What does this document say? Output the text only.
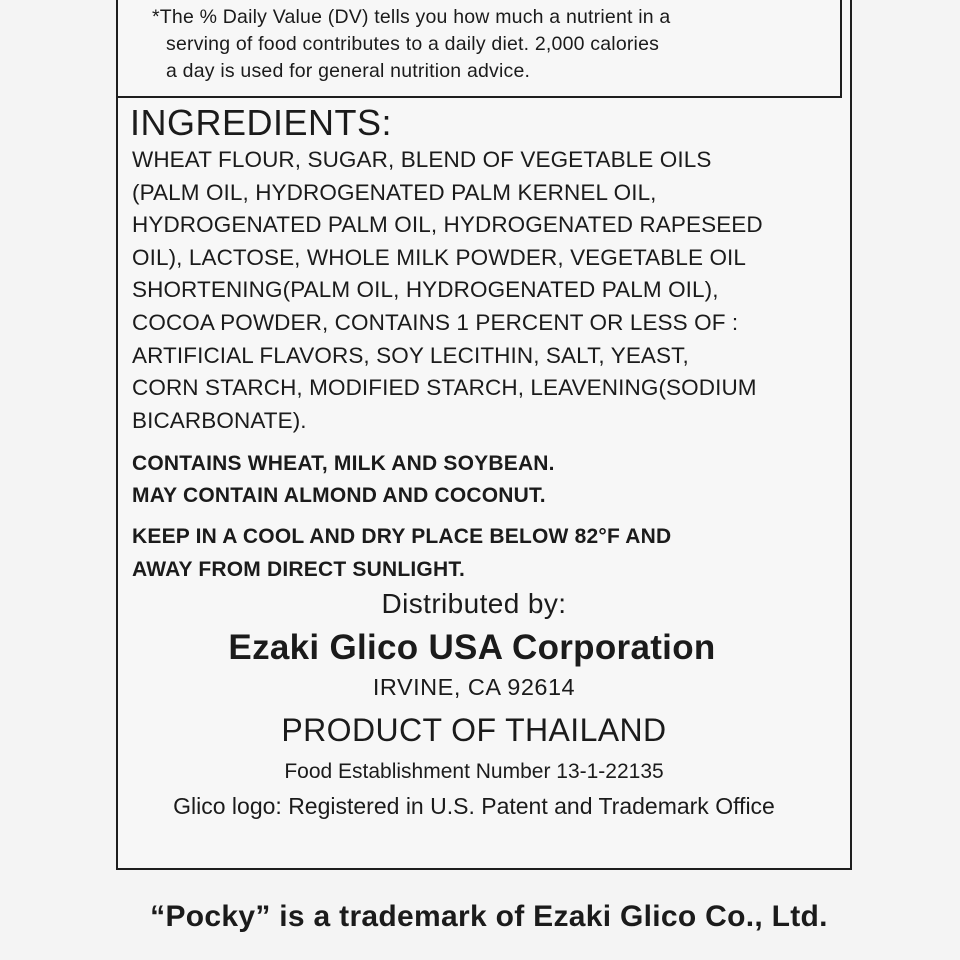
*The % Daily Value (DV) tells you how much a nutrient in a
serving of food contributes to a daily diet. 2,000 calories
a day is used for general nutrition advice.
INGREDIENTS:
WHEAT FLOUR, SUGAR, BLEND OF VEGETABLE OILS
(PALM OIL, HYDROGENATED PALM KERNEL OIL,
HYDROGENATED PALM OIL, HYDROGENATED RAPESEED
OIL), LACTOSE, WHOLE MILK POWDER, VEGETABLE OIL
SHORTENING(PALM OIL, HYDROGENATED PALM OIL),
COCOA POWDER, CONTAINS 1 PERCENT OR LESS OF :
ARTIFICIAL FLAVORS, SOY LECITHIN, SALT, YEAST,
CORN STARCH, MODIFIED STARCH, LEAVENING(SODIUM
BICARBONATE).
CONTAINS WHEAT, MILK AND SOYBEAN.
MAY CONTAIN ALMOND AND COCONUT.
KEEP IN A COOL AND DRY PLACE BELOW 82°F AND
AWAY FROM DIRECT SUNLIGHT.
Distributed by:
Ezaki Glico USA Corporation
IRVINE, CA 92614
PRODUCT OF THAILAND
Food Establishment Number 13-1-22135
Glico logo: Registered in U.S. Patent and Trademark Office
“Pocky” is a trademark of Ezaki Glico Co., Ltd.
